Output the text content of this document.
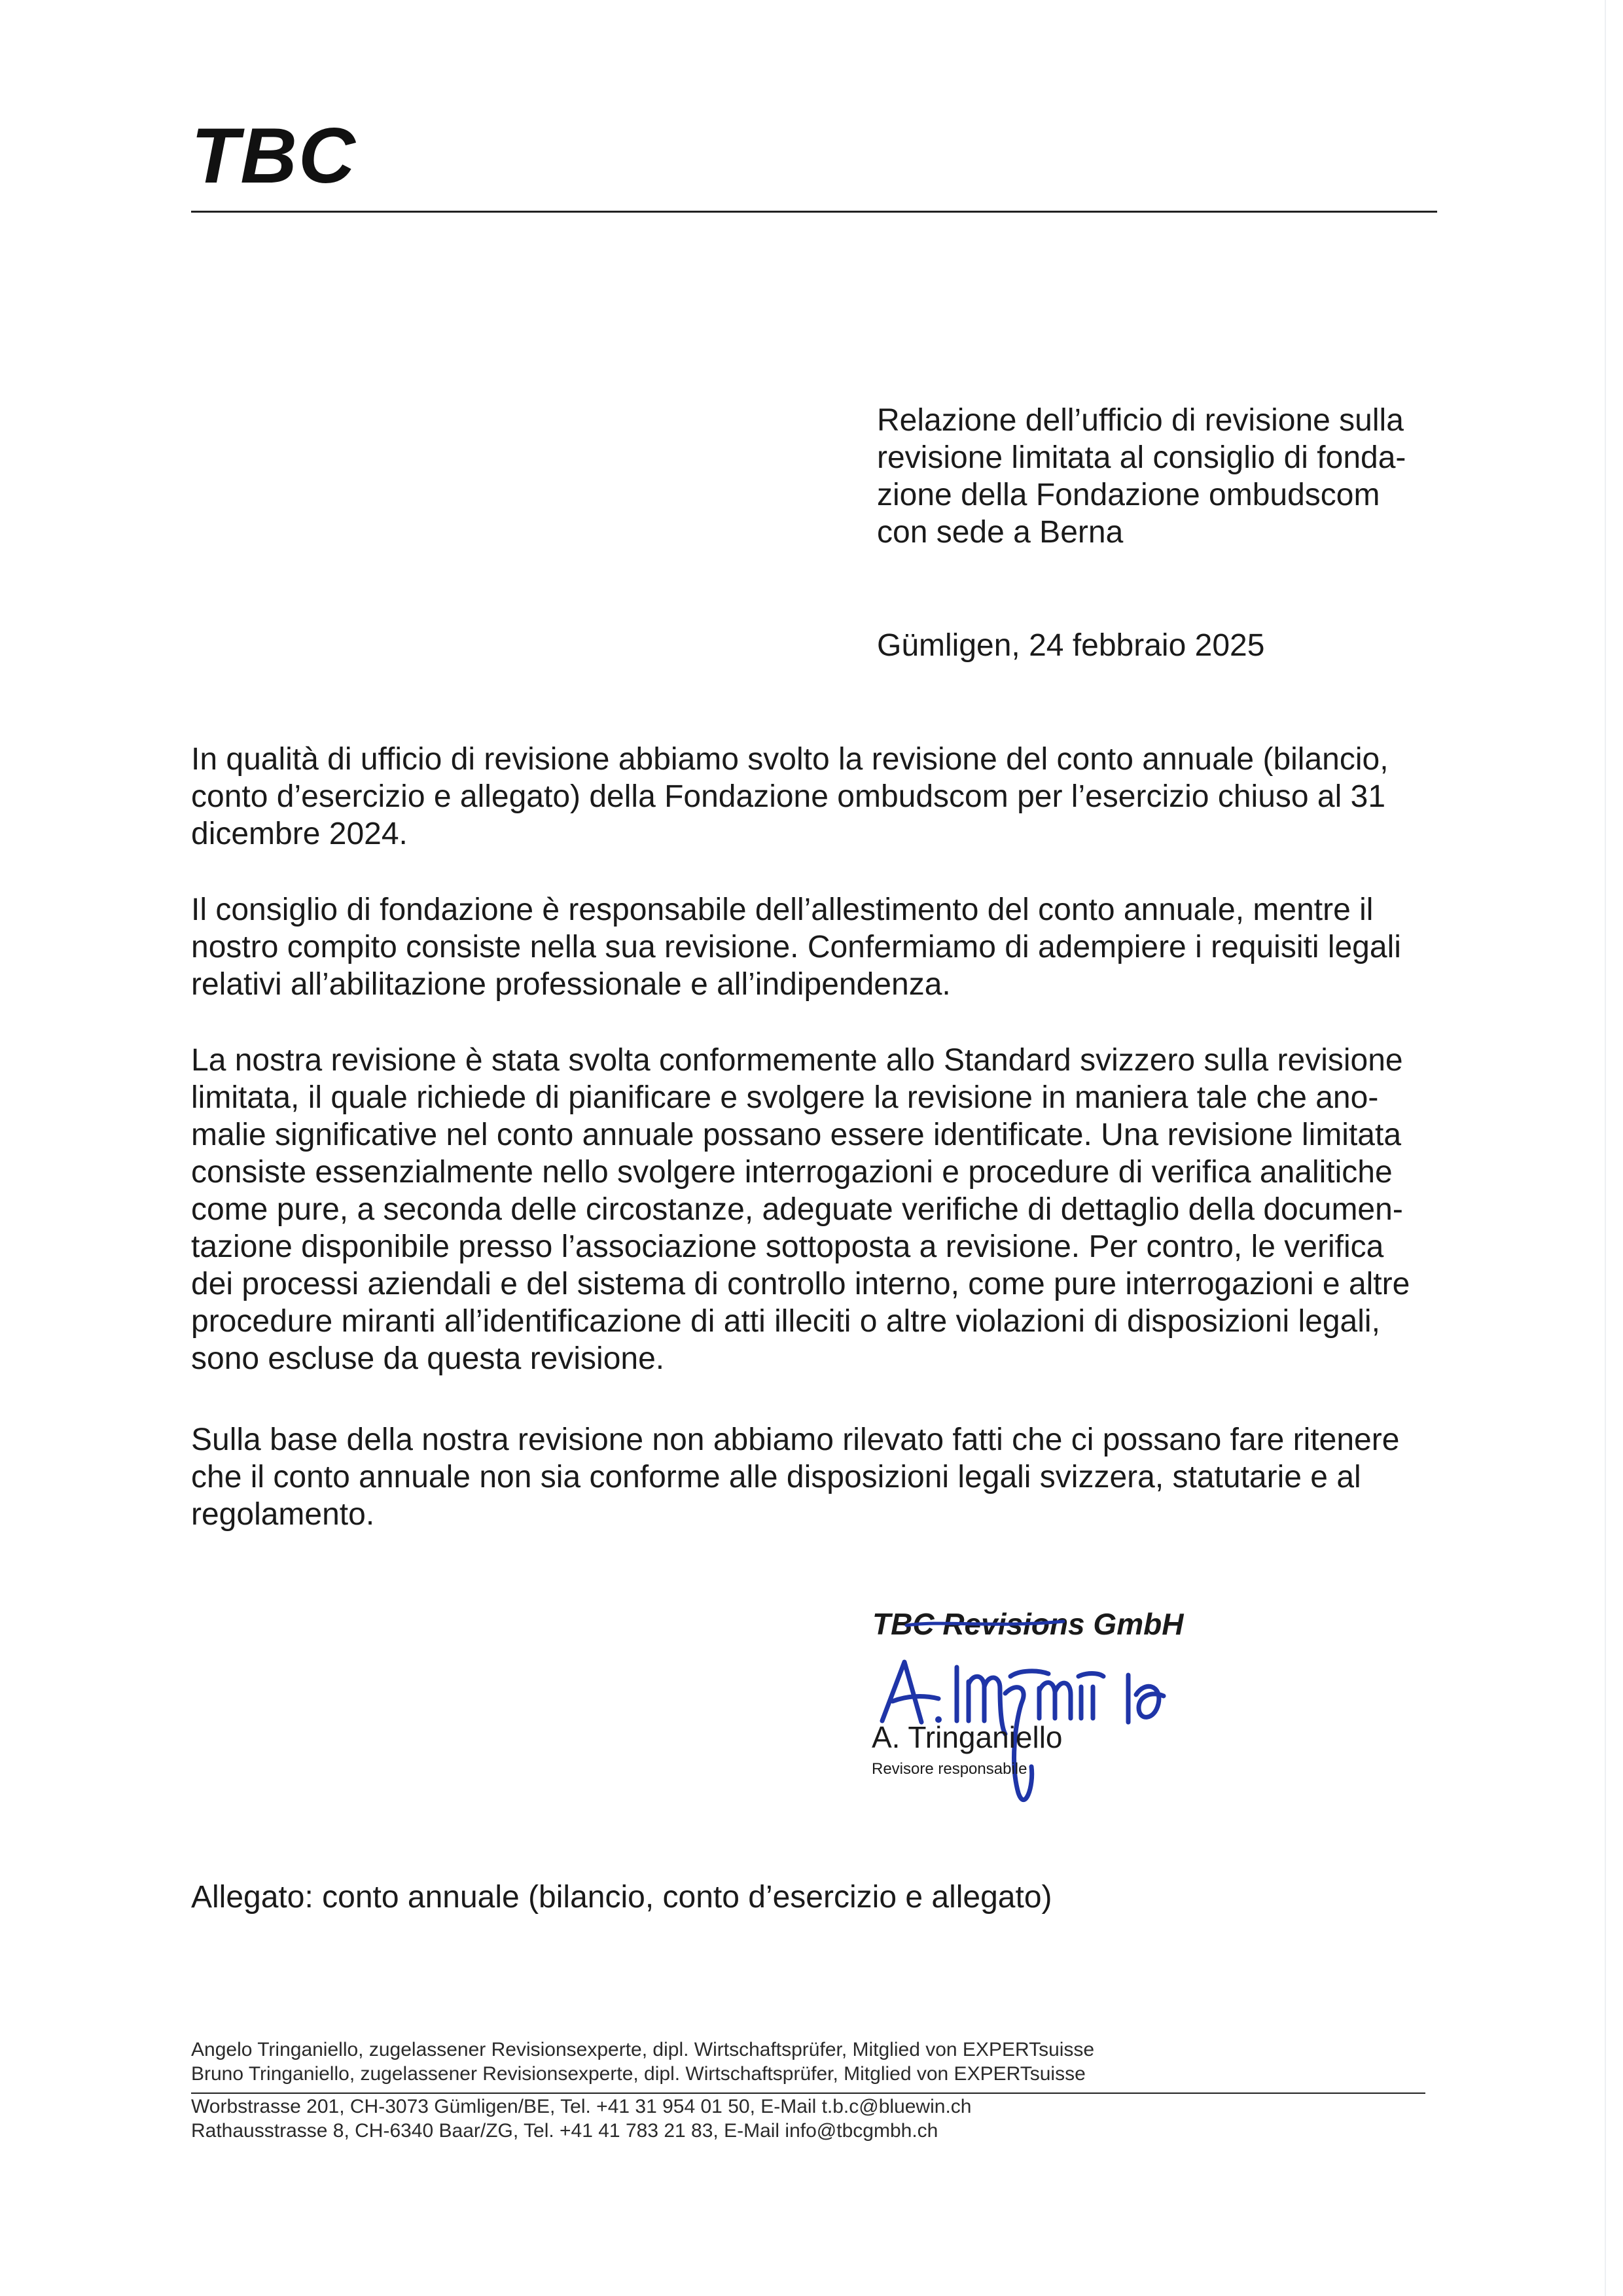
TBC
Relazione dell’ufficio di revisione sulla
revisione limitata al consiglio di fonda-
zione della Fondazione ombudscom
con sede a Berna
Gümligen, 24 febbraio 2025
In qualità di ufficio di revisione abbiamo svolto la revisione del conto annuale (bilancio,
conto d’esercizio e allegato) della Fondazione ombudscom per l’esercizio chiuso al 31
dicembre 2024.
Il consiglio di fondazione è responsabile dell’allestimento del conto annuale, mentre il
nostro compito consiste nella sua revisione. Confermiamo di adempiere i requisiti legali
relativi all’abilitazione professionale e all’indipendenza.
La nostra revisione è stata svolta conformemente allo Standard svizzero sulla revisione
limitata, il quale richiede di pianificare e svolgere la revisione in maniera tale che ano-
malie significative nel conto annuale possano essere identificate. Una revisione limitata
consiste essenzialmente nello svolgere interrogazioni e procedure di verifica analitiche
come pure, a seconda delle circostanze, adeguate verifiche di dettaglio della documen-
tazione disponibile presso l’associazione sottoposta a revisione. Per contro, le verifica
dei processi aziendali e del sistema di controllo interno, come pure interrogazioni e altre
procedure miranti all’identificazione di atti illeciti o altre violazioni di disposizioni legali,
sono escluse da questa revisione.
Sulla base della nostra revisione non abbiamo rilevato fatti che ci possano fare ritenere
che il conto annuale non sia conforme alle disposizioni legali svizzera, statutarie e al
regolamento.
TBC Revisions GmbH
A. Tringaniello
Revisore responsabile
Allegato: conto annuale (bilancio, conto d’esercizio e allegato)
Angelo Tringaniello, zugelassener Revisionsexperte, dipl. Wirtschaftsprüfer, Mitglied von EXPERTsuisse
Bruno Tringaniello, zugelassener Revisionsexperte, dipl. Wirtschaftsprüfer, Mitglied von EXPERTsuisse
Worbstrasse 201, CH-3073 Gümligen/BE, Tel. +41 31 954 01 50, E-Mail t.b.c@bluewin.ch
Rathausstrasse 8, CH-6340 Baar/ZG, Tel. +41 41 783 21 83, E-Mail info@tbcgmbh.ch
